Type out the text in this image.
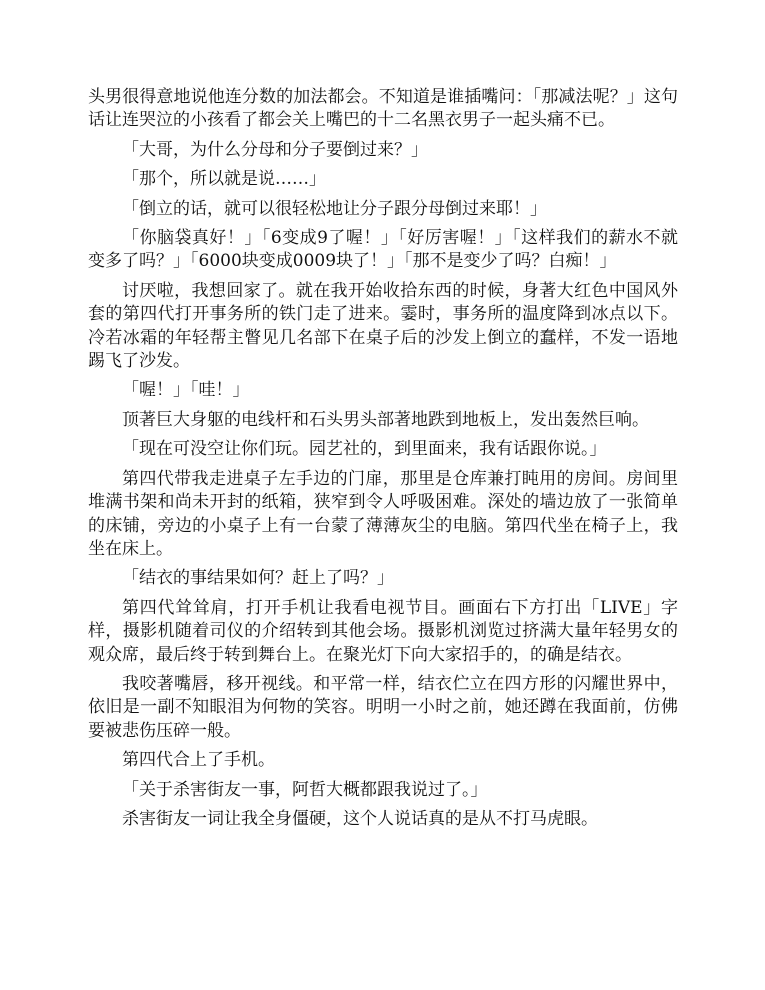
头男很得意地说他连分数的加法都会。不知道是谁插嘴问：「那减法呢？」这句话让连哭泣的小孩看了都会关上嘴巴的十二名黑衣男子一起头痛不已。

「大哥，为什么分母和分子要倒过来？」

「那个，所以就是说……」

「倒立的话，就可以很轻松地让分子跟分母倒过来耶！」

「你脑袋真好！」「6变成9了喔！」「好厉害喔！」「这样我们的薪水不就变多了吗？」「6000块变成0009块了！」「那不是变少了吗？白痴！」

讨厌啦，我想回家了。就在我开始收拾东西的时候，身著大红色中国风外套的第四代打开事务所的铁门走了进来。霎时，事务所的温度降到冰点以下。冷若冰霜的年轻帮主瞥见几名部下在桌子后的沙发上倒立的蠢样，不发一语地踢飞了沙发。

「喔！」「哇！」

顶著巨大身躯的电线杆和石头男头部著地跌到地板上，发出轰然巨响。

「现在可没空让你们玩。园艺社的，到里面来，我有话跟你说。」

第四代带我走进桌子左手边的门扉，那里是仓库兼打盹用的房间。房间里堆满书架和尚未开封的纸箱，狭窄到令人呼吸困难。深处的墙边放了一张简单的床铺，旁边的小桌子上有一台蒙了薄薄灰尘的电脑。第四代坐在椅子上，我坐在床上。

「结衣的事结果如何？赶上了吗？」

第四代耸耸肩，打开手机让我看电视节目。画面右下方打出「LIVE」字样，摄影机随着司仪的介绍转到其他会场。摄影机浏览过挤满大量年轻男女的观众席，最后终于转到舞台上。在聚光灯下向大家招手的，的确是结衣。

我咬著嘴唇，移开视线。和平常一样，结衣伫立在四方形的闪耀世界中，依旧是一副不知眼泪为何物的笑容。明明一小时之前，她还蹲在我面前，仿佛要被悲伤压碎一般。

第四代合上了手机。

「关于杀害街友一事，阿哲大概都跟我说过了。」

杀害街友一词让我全身僵硬，这个人说话真的是从不打马虎眼。
